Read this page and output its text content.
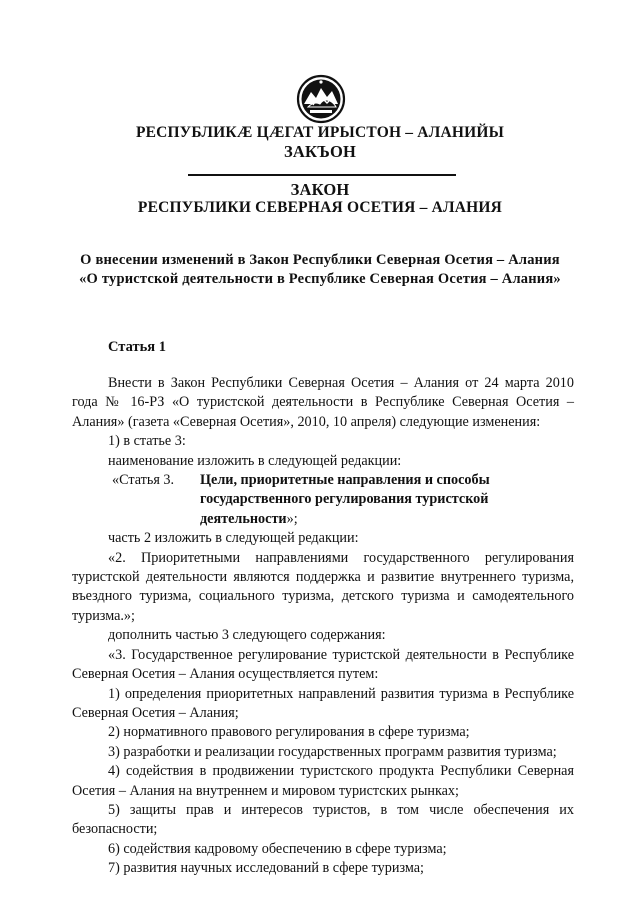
РЕСПУБЛИКÆ ЦÆГАТ ИРЫСТОН – АЛАНИЙЫ
ЗАКЪОН
ЗАКОН
РЕСПУБЛИКИ СЕВЕРНАЯ ОСЕТИЯ – АЛАНИЯ
О внесении изменений в Закон Республики Северная Осетия – Алания
«О туристской деятельности в Республике Северная Осетия – Алания»
Статья 1

Внести в Закон Республики Северная Осетия – Алания от 24 марта 2010 года № 16-РЗ «О туристской деятельности в Республике Северная Осетия – Алания» (газета «Северная Осетия», 2010, 10 апреля) следующие изменения:

1) в статье 3:

наименование изложить в следующей редакции:

«Статья 3.	Цели, приоритетные направления и способы государственного регулирования туристской деятельности»;

часть 2 изложить в следующей редакции:

«2. Приоритетными направлениями государственного регулирования туристской деятельности являются поддержка и развитие внутреннего туризма, въездного туризма, социального туризма, детского туризма и самодеятельного туризма.»;

дополнить частью 3 следующего содержания:

«3. Государственное регулирование туристской деятельности в Республике Северная Осетия – Алания осуществляется путем:

1) определения приоритетных направлений развития туризма в Республике Северная Осетия – Алания;

2) нормативного правового регулирования в сфере туризма;

3) разработки и реализации государственных программ развития туризма;

4) содействия в продвижении туристского продукта Республики Северная Осетия – Алания на внутреннем и мировом туристских рынках;

5) защиты прав и интересов туристов, в том числе обеспечения их безопасности;

6) содействия кадровому обеспечению в сфере туризма;

7) развития научных исследований в сфере туризма;
